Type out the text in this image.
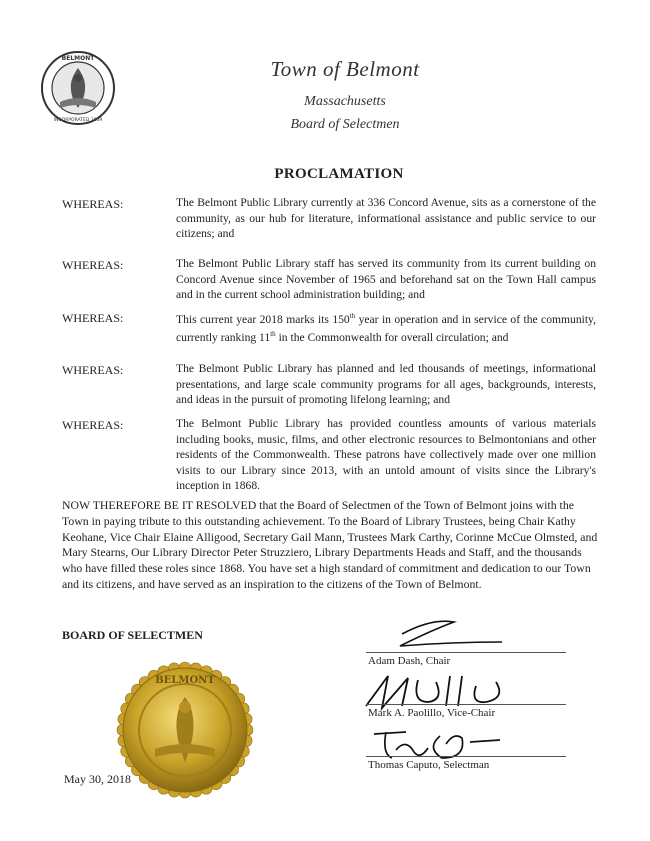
BELMONT
INCORPORATED 1859
Town of Belmont
Massachusetts
Board of Selectmen
PROCLAMATION
WHEREAS:	The Belmont Public Library currently at 336 Concord Avenue, sits as a cornerstone of the community, as our hub for literature, informational assistance and public service to our citizens; and
WHEREAS:	The Belmont Public Library staff has served its community from its current building on Concord Avenue since November of 1965 and beforehand sat on the Town Hall campus and in the current school administration building; and
WHEREAS:	This current year 2018 marks its 150th year in operation and in service of the community, currently ranking 11th in the Commonwealth for overall circulation; and
WHEREAS:	The Belmont Public Library has planned and led thousands of meetings, informational presentations, and large scale community programs for all ages, backgrounds, interests, and ideas in the pursuit of promoting lifelong learning; and
WHEREAS:	The Belmont Public Library has provided countless amounts of various materials including books, music, films, and other electronic resources to Belmontonians and other residents of the Commonwealth. These patrons have collectively made over one million visits to our Library since 2013, with an untold amount of visits since the Library's inception in 1868.
NOW THEREFORE BE IT RESOLVED that the Board of Selectmen of the Town of Belmont joins with the Town in paying tribute to this outstanding achievement. To the Board of Library Trustees, being Chair Kathy Keohane, Vice Chair Elaine Alligood, Secretary Gail Mann, Trustees Mark Carthy, Corinne McCue Olmsted, and Mary Stearns, Our Library Director Peter Struzziero, Library Departments Heads and Staff, and the thousands who have filled these roles since 1868. You have set a high standard of commitment and dedication to our Town and its citizens, and have served as an inspiration to the citizens of the Town of Belmont.
BOARD OF SELECTMEN
BELMONT
May 30, 2018
Adam Dash, Chair
Mark A. Paolillo, Vice-Chair
Thomas Caputo, Selectman
